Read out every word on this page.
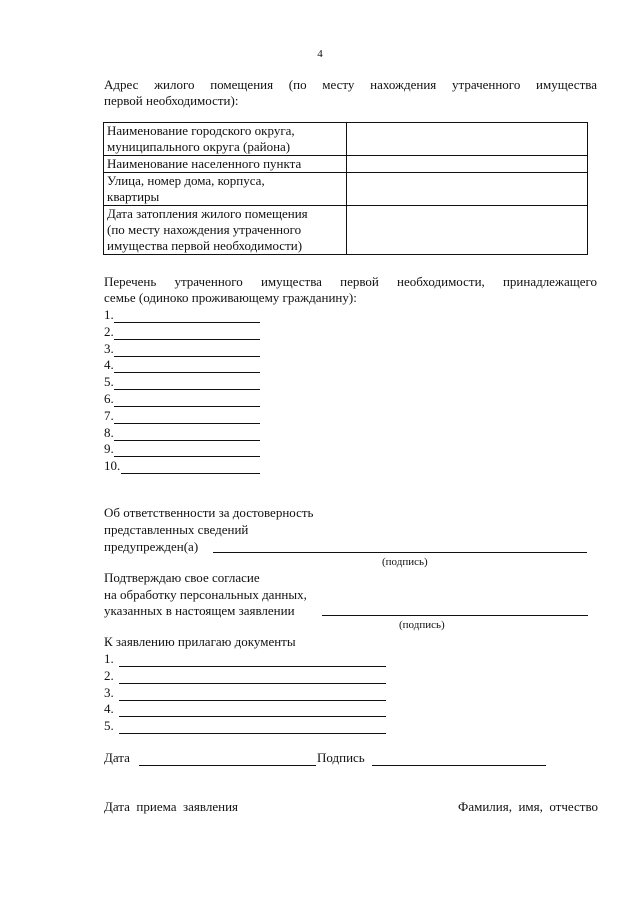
4
Адрес жилого помещения (по месту нахождения утраченного имущества
первой необходимости):
Наименование городского округа,
муниципального округа (района)	

Наименование населенного пункта	

Улица, номер дома, корпуса,
квартиры	

Дата затопления жилого помещения
(по месту нахождения утраченного
имущества первой необходимости)	

Перечень утраченного имущества первой необходимости, принадлежащего
семье (одиноко проживающему гражданину):
1.
2.
3.
4.
5.
6.
7.
8.
9.
10.
Об ответственности за достоверность
представленных сведений
предупрежден(а)
(подпись)
Подтверждаю свое согласие
на обработку персональных данных,
указанных в настоящем заявлении
(подпись)
К заявлению прилагаю документы
1.
2.
3.
4.
5.
Дата	Подпись
Дата  приема  заявления	Фамилия,  имя,  отчество
